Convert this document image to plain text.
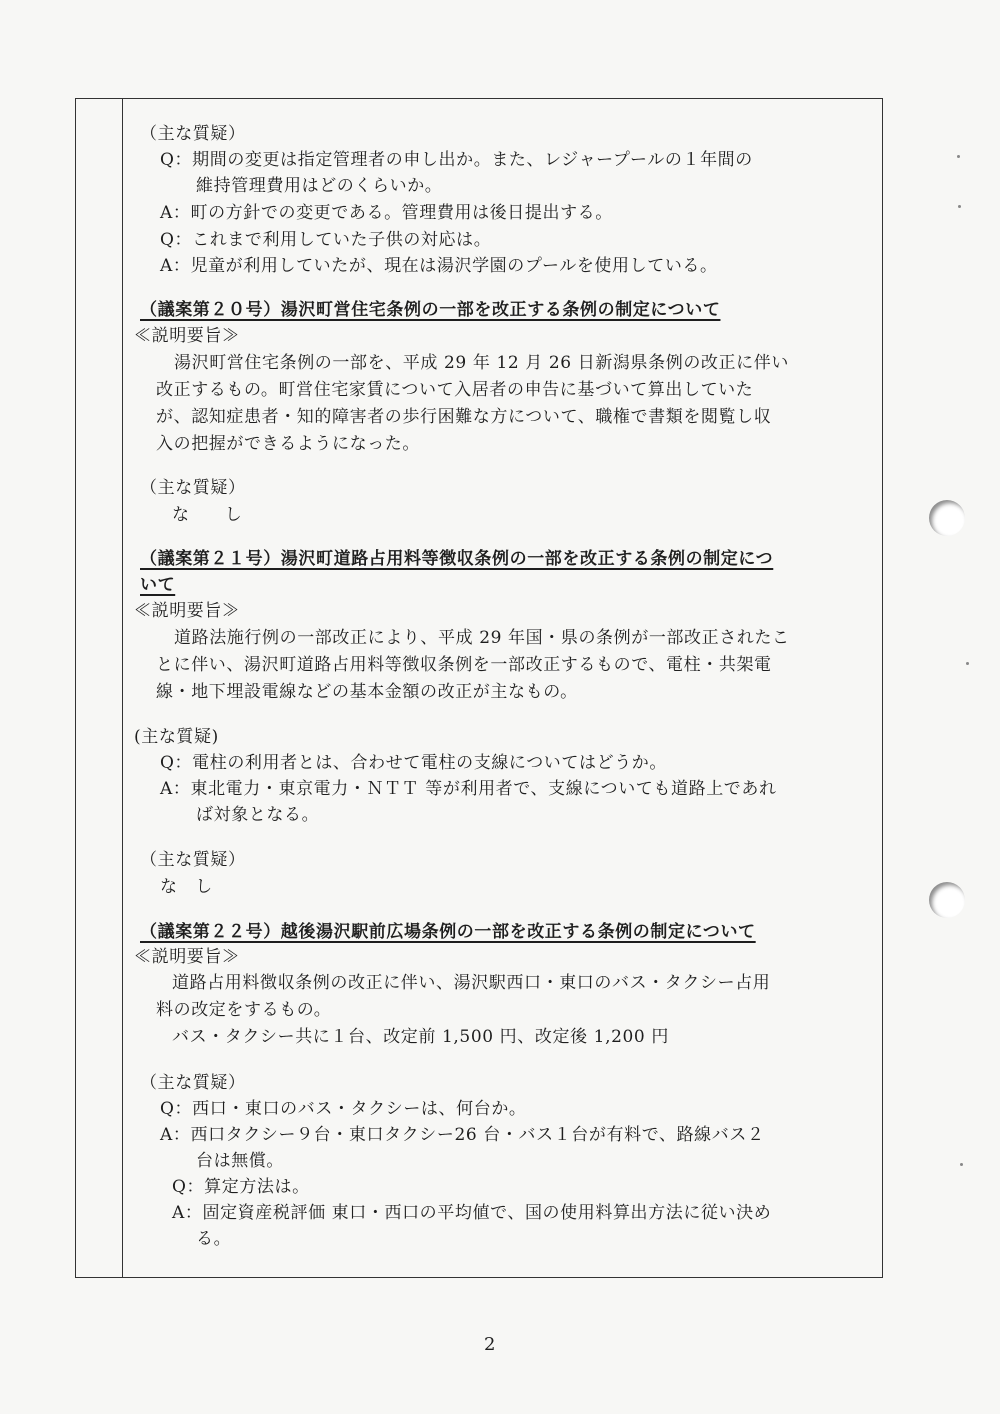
（主な質疑）
Q：期間の変更は指定管理者の申し出か。また、レジャープールの１年間の
維持管理費用はどのくらいか。
A：町の方針での変更である。管理費用は後日提出する。
Q：これまで利用していた子供の対応は。
A：児童が利用していたが、現在は湯沢学園のプールを使用している。
（議案第２０号）湯沢町営住宅条例の一部を改正する条例の制定について
≪説明要旨≫
湯沢町営住宅条例の一部を、平成 29 年 12 月 26 日新潟県条例の改正に伴い
改正するもの。町営住宅家賃について入居者の申告に基づいて算出していた
が、認知症患者・知的障害者の歩行困難な方について、職権で書類を閲覧し収
入の把握ができるようになった。
（主な質疑）
な　　し
（議案第２１号）湯沢町道路占用料等徴収条例の一部を改正する条例の制定につ
いて
≪説明要旨≫
道路法施行例の一部改正により、平成 29 年国・県の条例が一部改正されたこ
とに伴い、湯沢町道路占用料等徴収条例を一部改正するもので、電柱・共架電
線・地下埋設電線などの基本金額の改正が主なもの。
(主な質疑)
Q：電柱の利用者とは、合わせて電柱の支線についてはどうか。
A：東北電力・東京電力・ＮＴＴ 等が利用者で、支線についても道路上であれ
ば対象となる。
（主な質疑）
な　し
（議案第２２号）越後湯沢駅前広場条例の一部を改正する条例の制定について
≪説明要旨≫
道路占用料徴収条例の改正に伴い、湯沢駅西口・東口のバス・タクシー占用
料の改定をするもの。
バス・タクシー共に１台、改定前 1,500 円、改定後 1,200 円
（主な質疑）
Q：西口・東口のバス・タクシーは、何台か。
A：西口タクシー９台・東口タクシー26 台・バス１台が有料で、路線バス２
台は無償。
Q：算定方法は。
A：固定資産税評価 東口・西口の平均値で、国の使用料算出方法に従い決め
る。
2
